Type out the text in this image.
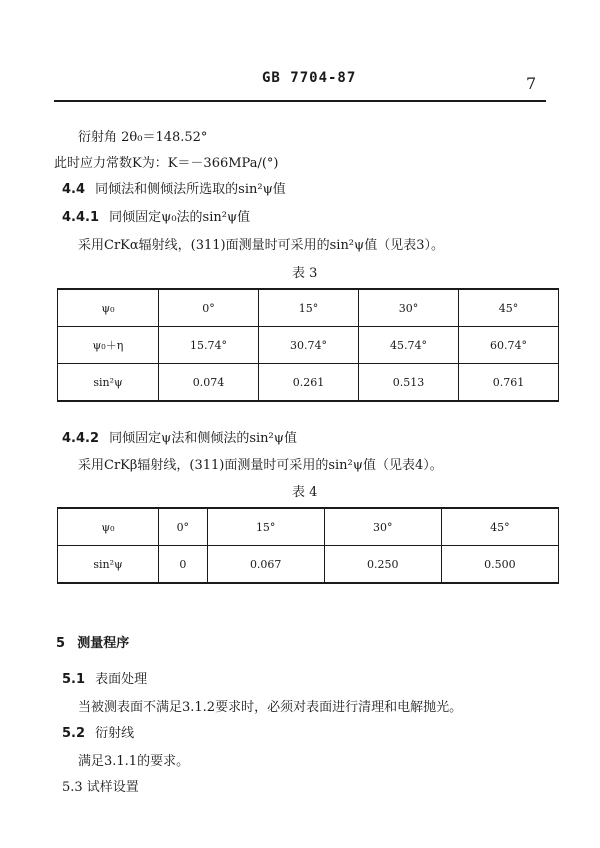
GB 7704-87	7
衍射角 2θ₀＝148.52°
此时应力常数K为：K＝－366MPa/(°)
4.4 同倾法和侧倾法所选取的sin²ψ值
4.4.1 同倾固定ψ₀法的sin²ψ值
采用CrKα辐射线，(311)面测量时可采用的sin²ψ值（见表3）。
表 3
ψ₀	0°	15°	30°	45°
ψ₀＋η	15.74°	30.74°	45.74°	60.74°
sin²ψ	0.074	0.261	0.513	0.761
4.4.2 同倾固定ψ法和侧倾法的sin²ψ值
采用CrKβ辐射线，(311)面测量时可采用的sin²ψ值（见表4）。
表 4
ψ₀	0°	15°	30°	45°
sin²ψ	0	0.067	0.250	0.500
5 测量程序
5.1 表面处理
当被测表面不满足3.1.2要求时，必须对表面进行清理和电解抛光。
5.2 衍射线
满足3.1.1的要求。
5.3 试样设置
